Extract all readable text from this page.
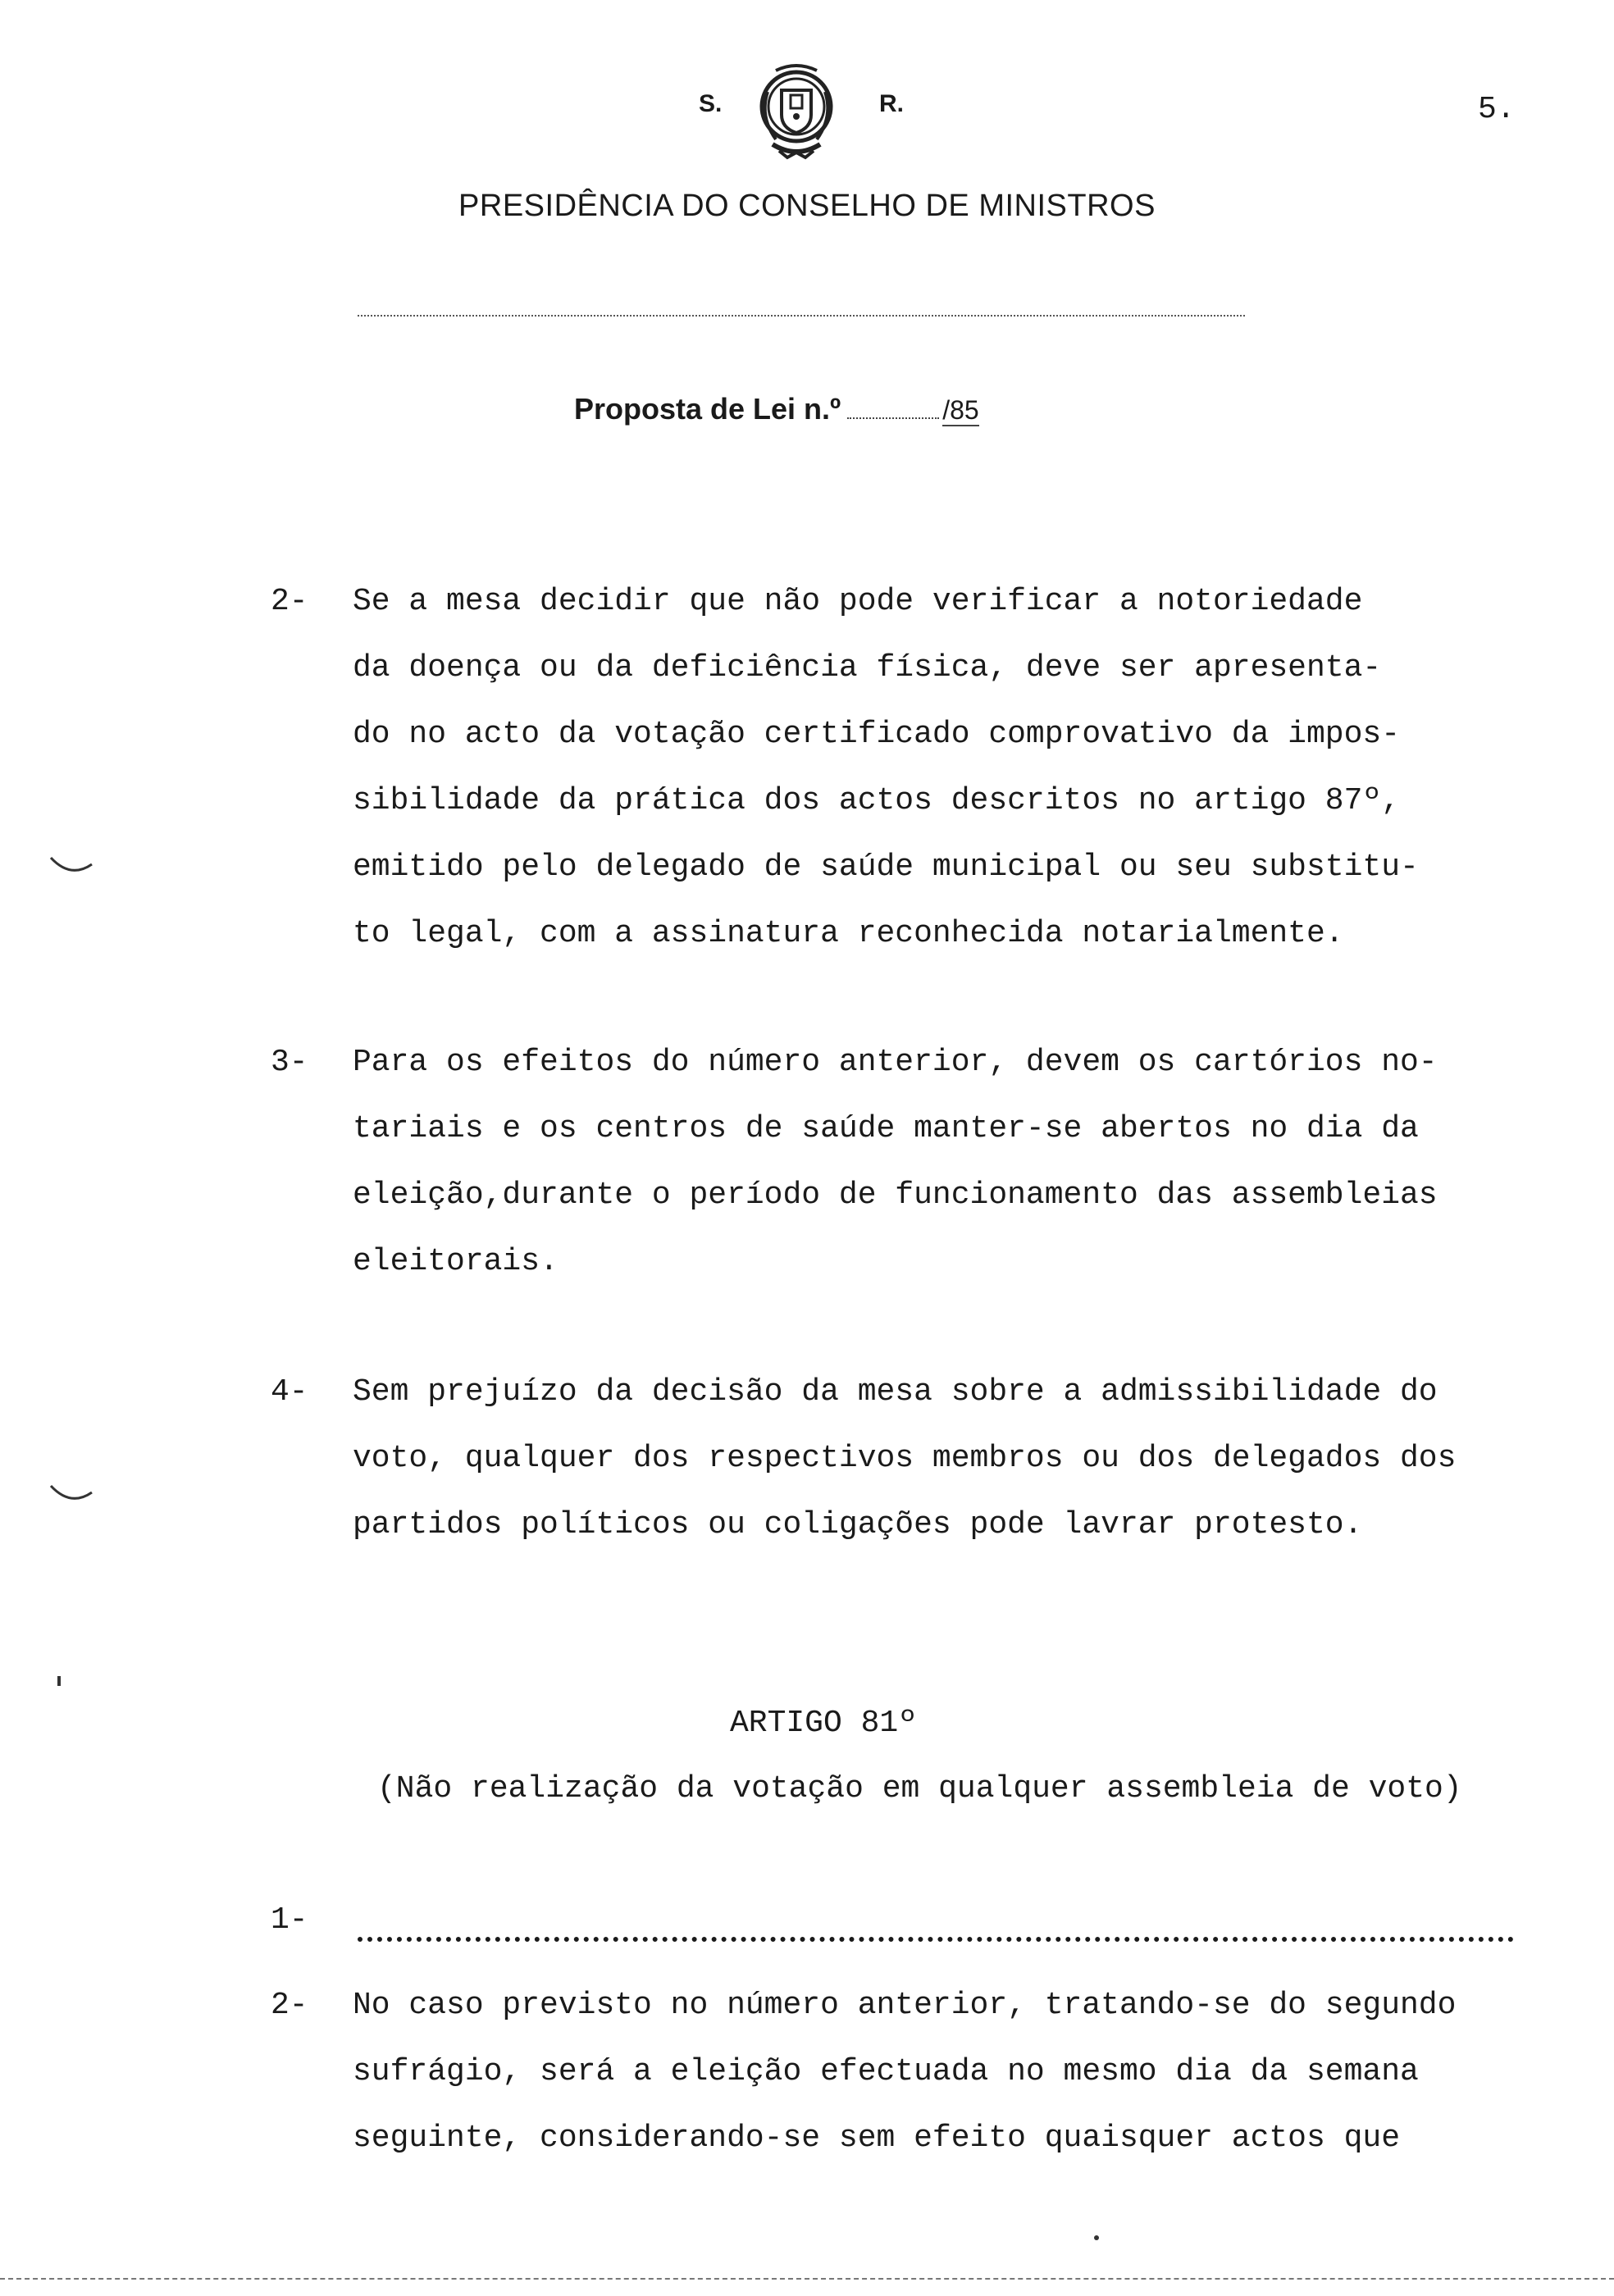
S.	R.	5.
PRESIDÊNCIA DO CONSELHO DE MINISTROS
Proposta de Lei n.º	/85
2- Se a mesa decidir que não pode verificar a notoriedade
da doença ou da deficiência física, deve ser apresenta-
do no acto da votação certificado comprovativo da impos-
sibilidade da prática dos actos descritos no artigo 87º,
emitido pelo delegado de saúde municipal ou seu substitu-
to legal, com a assinatura reconhecida notarialmente.
3- Para os efeitos do número anterior, devem os cartórios no-
tariais e os centros de saúde manter-se abertos no dia da
eleição,durante o período de funcionamento das assembleias
eleitorais.
4- Sem prejuízo da decisão da mesa sobre a admissibilidade do
voto, qualquer dos respectivos membros ou dos delegados dos
partidos políticos ou coligações pode lavrar protesto.
ARTIGO 81º
(Não realização da votação em qualquer assembleia de voto)
1-
2- No caso previsto no número anterior, tratando-se do segundo
sufrágio, será a eleição efectuada no mesmo dia da semana
seguinte, considerando-se sem efeito quaisquer actos que
